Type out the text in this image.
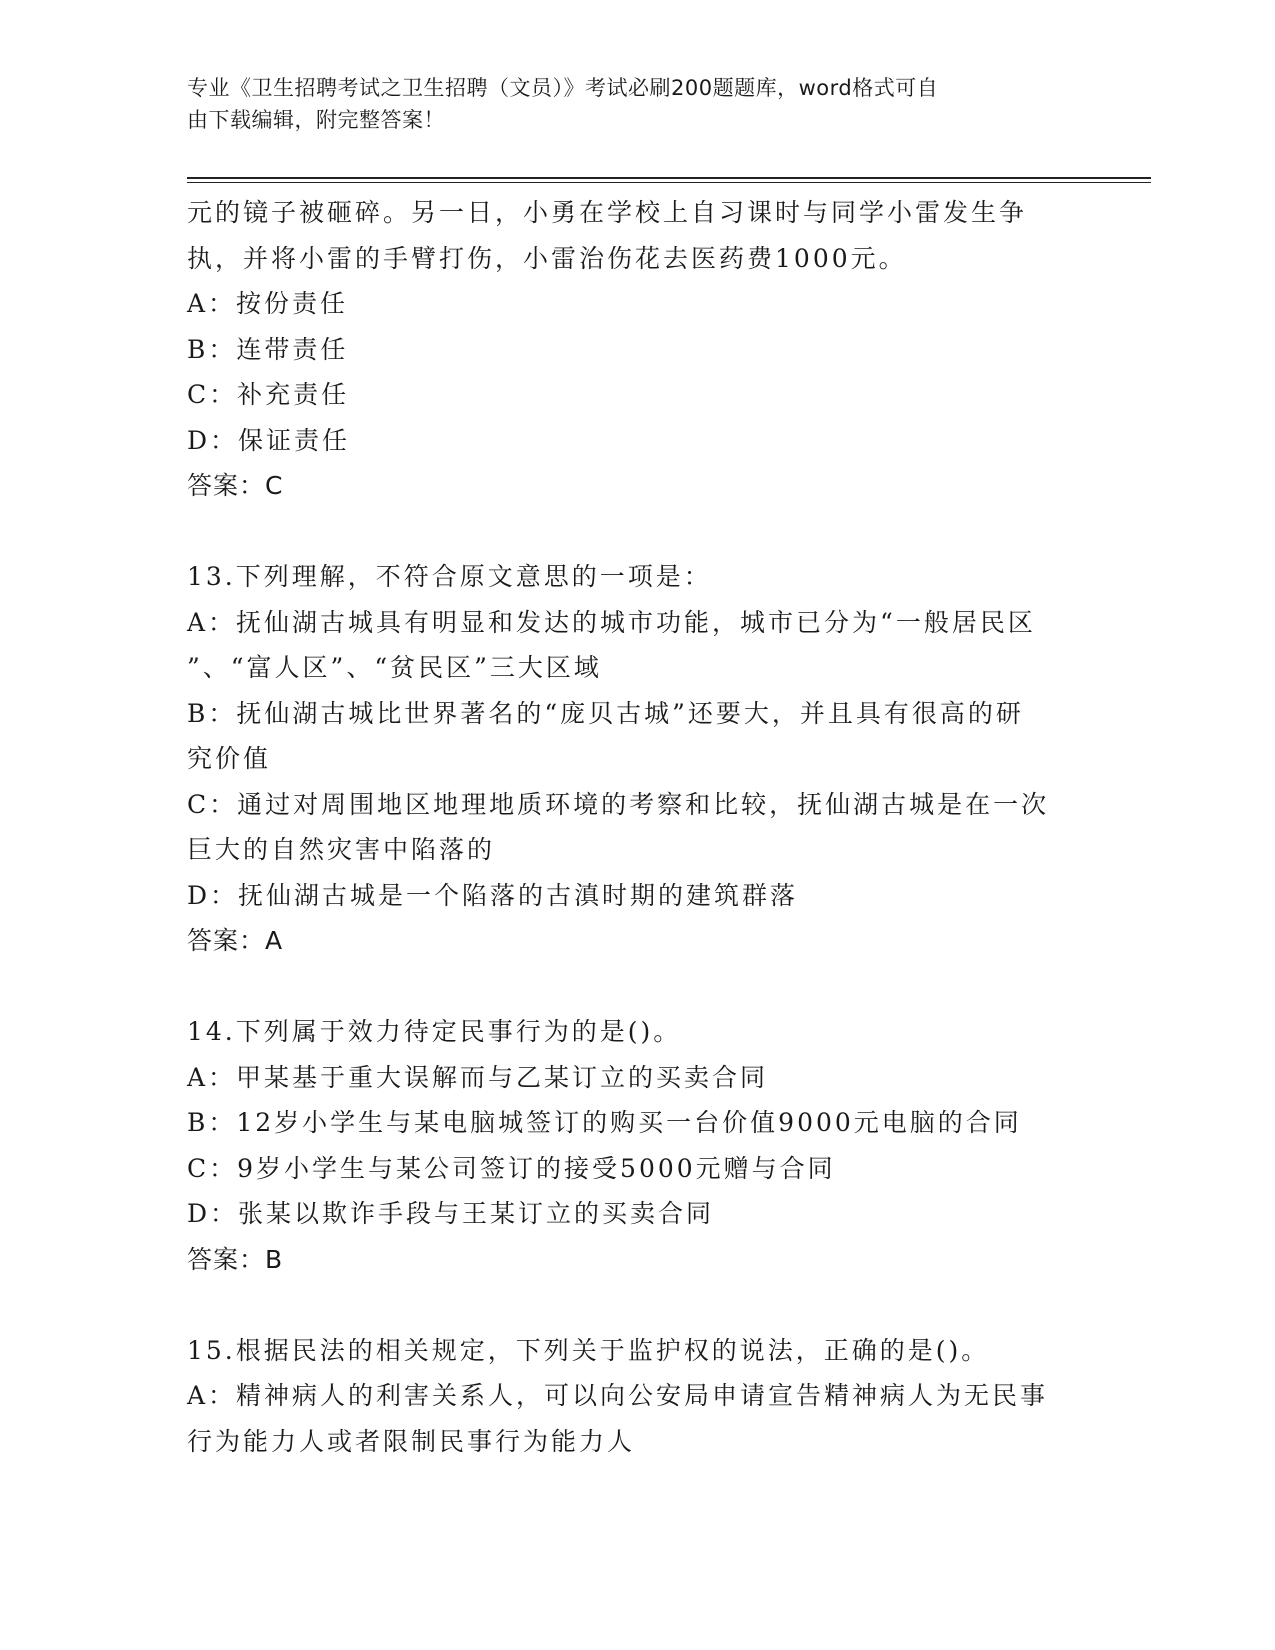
专业《卫生招聘考试之卫生招聘（文员）》考试必刷200题题库，word格式可自
由下载编辑，附完整答案！
元的镜子被砸碎。另一日，小勇在学校上自习课时与同学小雷发生争
执，并将小雷的手臂打伤，小雷治伤花去医药费1000元。
A：按份责任
B：连带责任
C：补充责任
D：保证责任
答案：C
13.下列理解，不符合原文意思的一项是：
A：抚仙湖古城具有明显和发达的城市功能，城市已分为“一般居民区
”、“富人区”、“贫民区”三大区域
B：抚仙湖古城比世界著名的“庞贝古城”还要大，并且具有很高的研
究价值
C：通过对周围地区地理地质环境的考察和比较，抚仙湖古城是在一次
巨大的自然灾害中陷落的
D：抚仙湖古城是一个陷落的古滇时期的建筑群落
答案：A
14.下列属于效力待定民事行为的是()。
A：甲某基于重大误解而与乙某订立的买卖合同
B：12岁小学生与某电脑城签订的购买一台价值9000元电脑的合同
C：9岁小学生与某公司签订的接受5000元赠与合同
D：张某以欺诈手段与王某订立的买卖合同
答案：B
15.根据民法的相关规定，下列关于监护权的说法，正确的是()。
A：精神病人的利害关系人，可以向公安局申请宣告精神病人为无民事
行为能力人或者限制民事行为能力人
